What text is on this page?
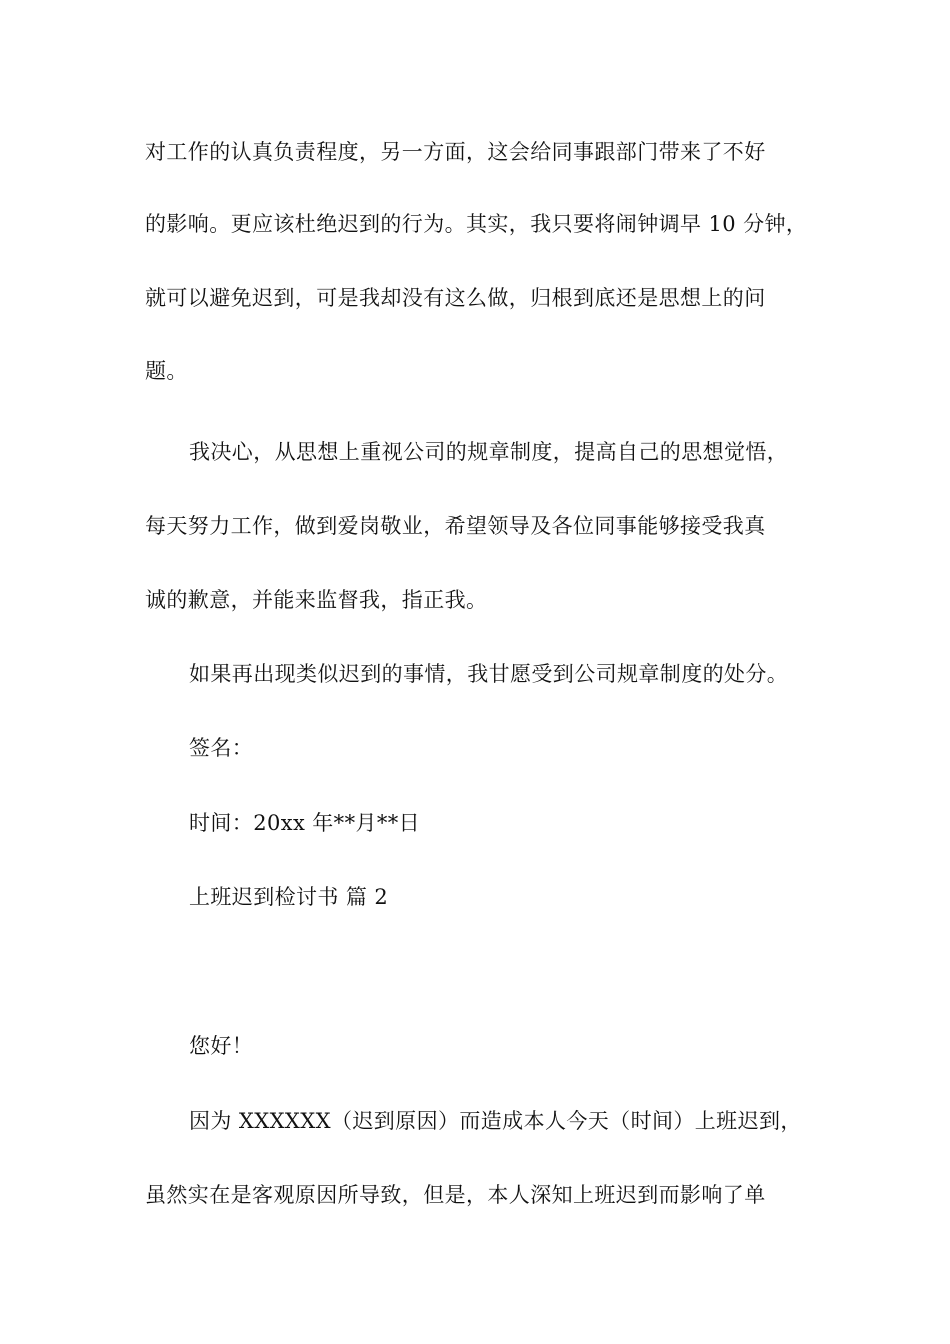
对工作的认真负责程度，另一方面，这会给同事跟部门带来了不好
的影响。更应该杜绝迟到的行为。其实，我只要将闹钟调早 10 分钟，
就可以避免迟到，可是我却没有这么做，归根到底还是思想上的问
题。
我决心，从思想上重视公司的规章制度，提高自己的思想觉悟，
每天努力工作，做到爱岗敬业，希望领导及各位同事能够接受我真
诚的歉意，并能来监督我，指正我。
如果再出现类似迟到的事情，我甘愿受到公司规章制度的处分。
签名：
时间：20xx 年**月**日
上班迟到检讨书 篇 2
您好！
因为 XXXXXX（迟到原因）而造成本人今天（时间）上班迟到，
虽然实在是客观原因所导致，但是，本人深知上班迟到而影响了单
